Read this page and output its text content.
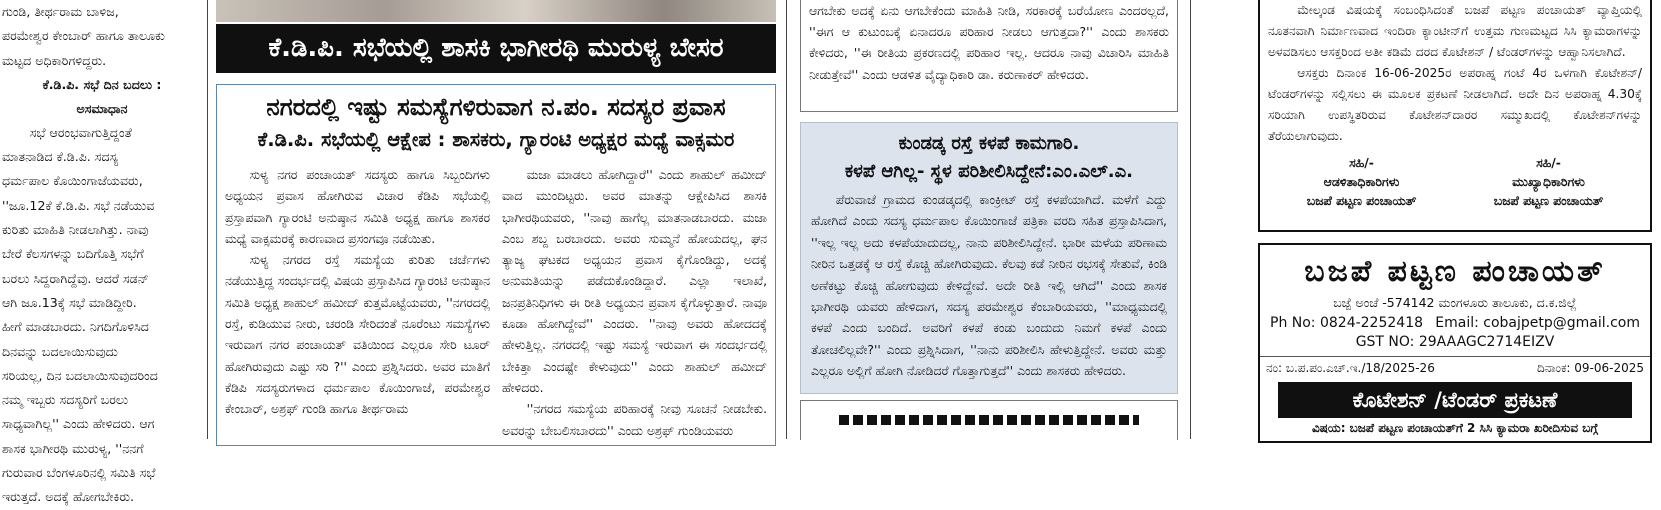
ಗುಂಡಿ, ತೀರ್ಥರಾಮ ಬಾಳಿಜ,

ಪರಮೇಶ್ವರ ಕೇಂಬಾರ್ ಹಾಗೂ ತಾಲೂಕು

ಮಟ್ಟದ ಅಧಿಕಾರಿಗಳಿದ್ದರು.

ಕೆ.ಡಿ.ಪಿ. ಸಭೆ ದಿನ ಬದಲು :

ಅಸಮಾಧಾನ

ಸಭೆ ಆರಂಭವಾಗುತ್ತಿದ್ದಂತೆ

ಮಾತನಾಡಿದ ಕೆ.ಡಿ.ಪಿ. ಸದಸ್ಯ

ಧರ್ಮಪಾಲ ಕೊಯಿಂಗಾಜೆಯವರು,

''ಜೂ.12ಕೆ ಕೆ.ಡಿ.ಪಿ. ಸಭೆ ನಡೆಯುವ

ಕುರಿತು ಮಾಹಿತಿ ನೀಡಲಾಗಿತ್ತು. ನಾವು

ಬೇರೆ ಕೆಲಸಗಳನ್ನು ಬದಿಗೊತ್ತಿ ಸಭೆಗೆ

ಬರಲು ಸಿದ್ದರಾಗಿದ್ದೆವು. ಆದರೆ ಸಡನ್

ಆಗಿ ಜೂ.13ಕ್ಕೆ ಸಭೆ ಮಾಡಿದ್ದೀರಿ.

ಹೀಗೆ ಮಾಡಬಾರದು. ನಿಗದಿಗೊಳಿಸಿದ

ದಿನವನ್ನು ಬದಲಾಯಿಸುವುದು

ಸರಿಯಲ್ಲ, ದಿನ ಬದಲಾಯಿಸುವುದರಿಂದ

ನಮ್ಮ ಇಬ್ಬರು ಸದಸ್ಯರಿಗೆ ಬರಲು

ಸಾಧ್ಯವಾಗಿಲ್ಲ'' ಎಂದು ಹೇಳಿದರು. ಆಗ

ಶಾಸಕ ಭಾಗೀರಥಿ ಮುರುಳ್ಯ, ''ನನಗೆ

ಗುರುವಾರ ಬೆಂಗಳೂರಿನಲ್ಲಿ ಸಮಿತಿ ಸಭೆ

ಇರುತ್ತದೆ. ಅದಕ್ಕೆ ಹೋಗಬೇಕಿರು.

ಕೆ.ಡಿ.ಪಿ. ಸಭೆಯಲ್ಲಿ ಶಾಸಕಿ ಭಾಗೀರಥಿ ಮುರುಳ್ಯ ಬೇಸರ
ನಗರದಲ್ಲಿ ಇಷ್ಟು ಸಮಸ್ಯೆಗಳಿರುವಾಗ ನ.ಪಂ. ಸದಸ್ಯರ ಪ್ರವಾಸ
ಕೆ.ಡಿ.ಪಿ. ಸಭೆಯಲ್ಲಿ ಆಕ್ಷೇಪ : ಶಾಸಕರು, ಗ್ಯಾರಂಟಿ ಅಧ್ಯಕ್ಷರ ಮಧ್ಯೆ ವಾಕ್ಸಮರ

ಸುಳ್ಯ ನಗರ ಪಂಚಾಯತ್ ಸದಸ್ಯರು ಹಾಗೂ ಸಿಬ್ಬಂದಿಗಳು ಅಧ್ಯಯನ ಪ್ರವಾಸ ಹೋಗಿರುವ ವಿಚಾರ ಕೆಡಿಪಿ ಸಭೆಯಲ್ಲಿ ಪ್ರಸ್ತಾಪವಾಗಿ ಗ್ಯಾರಂಟಿ ಅನುಷ್ಠಾನ ಸಮಿತಿ ಅಧ್ಯಕ್ಷ ಹಾಗೂ ಶಾಸಕರ ಮಧ್ಯೆ ವಾಕ್ಸಮರಕ್ಕೆ ಕಾರಣವಾದ ಪ್ರಸಂಗವೂ ನಡೆಯಿತು.

ಸುಳ್ಯ ನಗರದ ರಸ್ತೆ ಸಮಸ್ಯೆಯ ಕುರಿತು ಚರ್ಚೆಗಳು ನಡೆಯುತ್ತಿದ್ದ ಸಂದರ್ಭದಲ್ಲಿ ವಿಷಯ ಪ್ರಸ್ತಾಪಿಸಿದ ಗ್ಯಾರಂಟಿ ಅನುಷ್ಠಾನ ಸಮಿತಿ ಅಧ್ಯಕ್ಷ ಶಾಹುಲ್ ಹಮೀದ್ ಕುತ್ತಮೊಟ್ಟೆಯವರು, ''ನಗರದಲ್ಲಿ ರಸ್ತೆ, ಕುಡಿಯುವ ನೀರು, ಚರಂಡಿ ಸೇರಿದಂತೆ ನೂರೆಂಟು ಸಮಸ್ಯೆಗಳು ಇರುವಾಗ ನಗರ ಪಂಚಾಯತ್ ವತಿಯಿಂದ ಎಲ್ಲರೂ ಸೇರಿ ಟೂರ್ ಹೋಗಿರುವುದು ಎಷ್ಟು ಸರಿ ?'' ಎಂದು ಪ್ರಶ್ನಿಸಿದರು. ಅವರ ಮಾತಿಗೆ ಕೆಡಿಪಿ ಸದಸ್ಯರುಗಳಾದ ಧರ್ಮಪಾಲ ಕೊಯಿಂಗಾಜೆ, ಪರಮೇಶ್ವರ ಕೇಂಬಾರ್, ಅಶ್ರಫ್ ಗುಂಡಿ ಹಾಗೂ ತೀರ್ಥರಾಮ

ಮಜಾ ಮಾಡಲು ಹೋಗಿದ್ದಾರೆ'' ಎಂದು ಶಾಹುಲ್ ಹಮೀದ್ ವಾದ ಮುಂದಿಟ್ಟರು. ಅವರ ಮಾತನ್ನು ಆಕ್ಷೇಪಿಸಿದ ಶಾಸಕಿ ಭಾಗೀರಥಿಯವರು, ''ನಾವು ಹಾಗೆಲ್ಲ ಮಾತನಾಡಬಾರದು. ಮಜಾ ಎಂಬ ಶಬ್ದ ಬರಬಾರದು. ಅವರು ಸುಮ್ಮನೆ ಹೋಯದಲ್ಲ, ಘನ ತ್ಯಾಜ್ಯ ಘಟಕದ ಅಧ್ಯಯನ ಪ್ರವಾಸ ಕೈಗೊಂಡಿದ್ದು, ಅದಕ್ಕೆ ಅನುಮತಿಯನ್ನು ಪಡೆದುಕೊಂಡಿದ್ದಾರೆ. ಎಲ್ಲಾ ಇಲಾಖೆ, ಜನಪ್ರತಿನಿಧಿಗಳು ಈ ರೀತಿ ಅಧ್ಯಯನ ಪ್ರವಾಸ ಕೈಗೊಳ್ಳುತ್ತಾರೆ. ನಾವೂ ಕೂಡಾ ಹೋಗಿದ್ದೇವೆ'' ಎಂದರು. ''ನಾವು ಅವರು ಹೋದದಕ್ಕೆ ಹೇಳುತ್ತಿಲ್ಲ. ನಗರದಲ್ಲಿ ಇಷ್ಟು ಸಮಸ್ಯೆ ಇರುವಾಗ ಈ ಸಂದರ್ಭದಲ್ಲಿ ಬೇಕಿತ್ತಾ ಎಂದಷ್ಟೇ ಕೇಳುವುದು'' ಎಂದು ಶಾಹುಲ್ ಹಮೀದ್ ಹೇಳಿದರು.

''ನಗರದ ಸಮಸ್ಯೆಯ ಪರಿಹಾರಕ್ಕೆ ನೀವು ಸೂಚನೆ ನೀಡಬೇಕು. ಅವರನ್ನು ಬೇಬಲಿಸಬಾರದು'' ಎಂದು ಅಶ್ರಫ್ ಗುಂಡಿಯವರು

ಆಗಬೇಕು ಅದಕ್ಕೆ ಏನು ಆಗಬೇಕೆಂದು ಮಾಹಿತಿ ನೀಡಿ, ಸರಕಾರಕ್ಕೆ ಬರೆಯೋಣ ಎಂದರಲ್ಲದೆ, ''ಈಗ ಆ ಕುಟುಂಬಕ್ಕೆ ಏನಾದರೂ ಪರಿಹಾರ ನೀಡಲು ಆಗುತ್ತದಾ?'' ಎಂದು ಶಾಸಕರು ಕೇಳಿದರು, ''ಈ ರೀತಿಯ ಪ್ರಕರಣದಲ್ಲಿ ಪರಿಹಾರ ಇಲ್ಲ. ಆದರೂ ನಾವು ವಿಚಾರಿಸಿ ಮಾಹಿತಿ ನೀಡುತ್ತೇವೆ'' ಎಂದು ಆಡಳಿತ ವೈದ್ಯಾಧಿಕಾರಿ ಡಾ. ಕರುಣಾಕರ್ ಹೇಳಿದರು.

ಕುಂಡಡ್ಕ ರಸ್ತೆ ಕಳಪೆ ಕಾಮಗಾರಿ.

ಕಳಪೆ ಆಗಿಲ್ಲ- ಸ್ಥಳ ಪರಿಶೀಲಿಸಿದ್ದೇನೆ:ಎಂ.ಎಲ್.ಎ.

ಪೆರುವಾಜೆ ಗ್ರಾಮದ ಕುಂಡಡ್ಕದಲ್ಲಿ ಕಾಂಕ್ರೀಟ್ ರಸ್ತೆ ಕಳಪೆಯಾಗಿದೆ. ಮಳೆಗೆ ಎದ್ದು ಹೋಗಿದೆ ಎಂದು ಸದಸ್ಯ ಧರ್ಮಪಾಲ ಕೊಯಿಂಗಾಜೆ ಪತ್ರಿಕಾ ವರದಿ ಸಹಿತ ಪ್ರಸ್ತಾಪಿಸಿದಾಗ, ''ಇಲ್ಲ ಇಲ್ಲ ಅದು ಕಳಪೆಯಾದುದಲ್ಲ, ನಾನು ಪರಿಶೀಲಿಸಿದ್ದೇನೆ. ಭಾರೀ ಮಳೆಯ ಪರಿಣಾಮ ನೀರಿನ ಒತ್ತಡಕ್ಕೆ ಆ ರಸ್ತೆ ಕೊಚ್ಚಿ ಹೋಗಿರುವುದು. ಕೆಲವು ಕಡೆ ನೀರಿನ ರಭಸಕ್ಕೆ ಸೇತುವೆ, ಕಿಂಡಿ ಅಣೆಕಟ್ಟು ಕೊಚ್ಚಿ ಹೋಗುವುದು ಕೇಳಿದ್ದೇವೆ. ಅದೇ ರೀತಿ ಇಲ್ಲಿ ಆಗಿದೆ'' ಎಂದು ಶಾಸಕ ಭಾಗೀರಥಿ ಯವರು ಹೇಳಿದಾಗ, ಸದಸ್ಯ ಪರಮೇಶ್ವರ ಕೆಂಬಾರಿಯವರು, ''ಮಾಧ್ಯಮದಲ್ಲಿ ಕಳಪೆ ಎಂದು ಬಂದಿದೆ. ಅವರಿಗೆ ಕಳಪೆ ಕಂಡು ಬಂದುದು ನಿಮಗೆ ಕಳಪೆ ಎಂದು ತೋಚಲಿಲ್ಲವೇ?'' ಎಂದು ಪ್ರಶ್ನಿಸಿದಾಗ, ''ನಾನು ಪರಿಶೀಲಿಸಿ ಹೇಳುತ್ತಿದ್ದೇನೆ. ಅವರು ಮತ್ತು ಎಲ್ಲರೂ ಅಲ್ಲಿಗೆ ಹೋಗಿ ನೋಡಿದರೆ ಗೊತ್ತಾಗುತ್ತದೆ'' ಎಂದು ಶಾಸಕರು ಹೇಳಿದರು.

ಮೇಲ್ಕಂಡ ವಿಷಯಕ್ಕೆ ಸಂಬಂಧಿಸಿದಂತೆ ಬಜಪೆ ಪಟ್ಟಣ ಪಂಚಾಯತ್ ವ್ಯಾಪ್ತಿಯಲ್ಲಿ ನೂತನವಾಗಿ ನಿರ್ಮಾಣವಾದ ಇಂದಿರಾ ಕ್ಯಾಂಟೀನ್‌ಗೆ ಉತ್ತಮ ಗುಣಮಟ್ಟದ ಸಿಸಿ ಕ್ಯಾಮರಾಗಳನ್ನು ಅಳವಡಿಸಲು ಆಸಕ್ತರಿಂದ ಅತೀ ಕಡಿಮೆ ದರದ ಕೊಟೇಶನ್ / ಟೆಂಡರ್‌ಗಳನ್ನು ಆಹ್ವಾನಿಸಲಾಗಿದೆ.

ಆಸಕ್ತರು ದಿನಾಂಕ 16-06-2025ರ ಅಪರಾಹ್ನ ಗಂಟೆ 4ರ ಒಳಗಾಗಿ ಕೊಟೇಶನ್/ಟೆಂಡರ್‌ಗಳನ್ನು ಸಲ್ಲಿಸಲು ಈ ಮೂಲಕ ಪ್ರಕಟಣೆ ನೀಡಲಾಗಿದೆ. ಅದೇ ದಿನ ಅಪರಾಹ್ನ 4.30ಕ್ಕೆ ಸರಿಯಾಗಿ ಉಪಸ್ಥಿತರಿರುವ ಕೊಟೇಶನ್‌ದಾರರ ಸಮ್ಮುಖದಲ್ಲಿ ಕೊಟೇಶನ್‌ಗಳನ್ನು ತೆರೆಯಲಾಗುವುದು.

ಸಹಿ/-
ಆಡಳಿತಾಧಿಕಾರಿಗಳು
ಬಜಪೆ ಪಟ್ಟಣ ಪಂಚಾಯತ್
ಸಹಿ/-
ಮುಖ್ಯಾಧಿಕಾರಿಗಳು
ಬಜಪೆ ಪಟ್ಟಣ ಪಂಚಾಯತ್

ಬಜಪೆ ಪಟ್ಟಣ ಪಂಚಾಯತ್

ಬಜ್ಪೆ ಅಂಚೆ -574142 ಮಂಗಳೂರು ತಾಲೂಕು, ದ.ಕ.ಜಿಲ್ಲೆ

Ph No: 0824-2252418 Email: cobajpetp@gmail.com

GST NO: 29AAAGC2714EIZV

ನಂ: ಬ.ಪ.ಪಂ.ಎಚ್.ಇ./18/2025-26	ದಿನಾಂಕ: 09-06-2025
ಕೊಟೇಶನ್ /ಟೆಂಡರ್ ಪ್ರಕಟಣೆ
ವಿಷಯ: ಬಜಪೆ ಪಟ್ಟಣ ಪಂಚಾಯತ್‌ಗೆ 2 ಸಿಸಿ ಕ್ಯಾಮರಾ ಖರೀದಿಸುವ ಬಗ್ಗೆ
